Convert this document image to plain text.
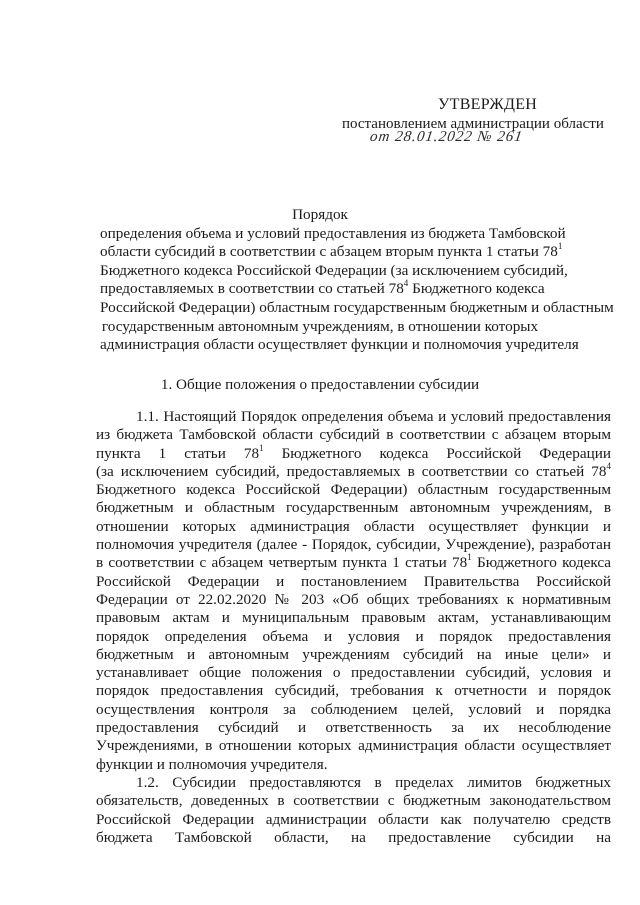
УТВЕРЖДЕН
постановлением администрации области
от 28.01.2022 № 261
Порядок
определения объема и условий предоставления из бюджета Тамбовской
области субсидий в соответствии с абзацем вторым пункта 1 статьи $78^1$
Бюджетного кодекса Российской Федерации (за исключением субсидий,
предоставляемых в соответствии со статьей $78^4$ Бюджетного кодекса
Российской Федерации) областным государственным бюджетным и областным
государственным автономным учреждениям, в отношении которых
администрация области осуществляет функции и полномочия учредителя
1. Общие положения о предоставлении субсидии
1.1. Настоящий Порядок определения объема и условий предоставления
из бюджета Тамбовской области субсидий в соответствии с абзацем вторым
пункта 1 статьи $78^1$ Бюджетного кодекса Российской Федерации
(за исключением субсидий, предоставляемых в соответствии со статьей $78^4$
Бюджетного кодекса Российской Федерации) областным государственным
бюджетным и областным государственным автономным учреждениям, в
отношении которых администрация области осуществляет функции и
полномочия учредителя (далее - Порядок, субсидии, Учреждение), разработан
в соответствии с абзацем четвертым пункта 1 статьи $78^1$ Бюджетного кодекса
Российской Федерации и постановлением Правительства Российской
Федерации от 22.02.2020 № 203 «Об общих требованиях к нормативным
правовым актам и муниципальным правовым актам, устанавливающим
порядок определения объема и условия и порядок предоставления
бюджетным и автономным учреждениям субсидий на иные цели» и
устанавливает общие положения о предоставлении субсидий, условия и
порядок предоставления субсидий, требования к отчетности и порядок
осуществления контроля за соблюдением целей, условий и порядка
предоставления субсидий и ответственность за их несоблюдение
Учреждениями, в отношении которых администрация области осуществляет
функции и полномочия учредителя.
1.2. Субсидии предоставляются в пределах лимитов бюджетных
обязательств, доведенных в соответствии с бюджетным законодательством
Российской Федерации администрации области как получателю средств
бюджета Тамбовской области, на предоставление субсидии на
